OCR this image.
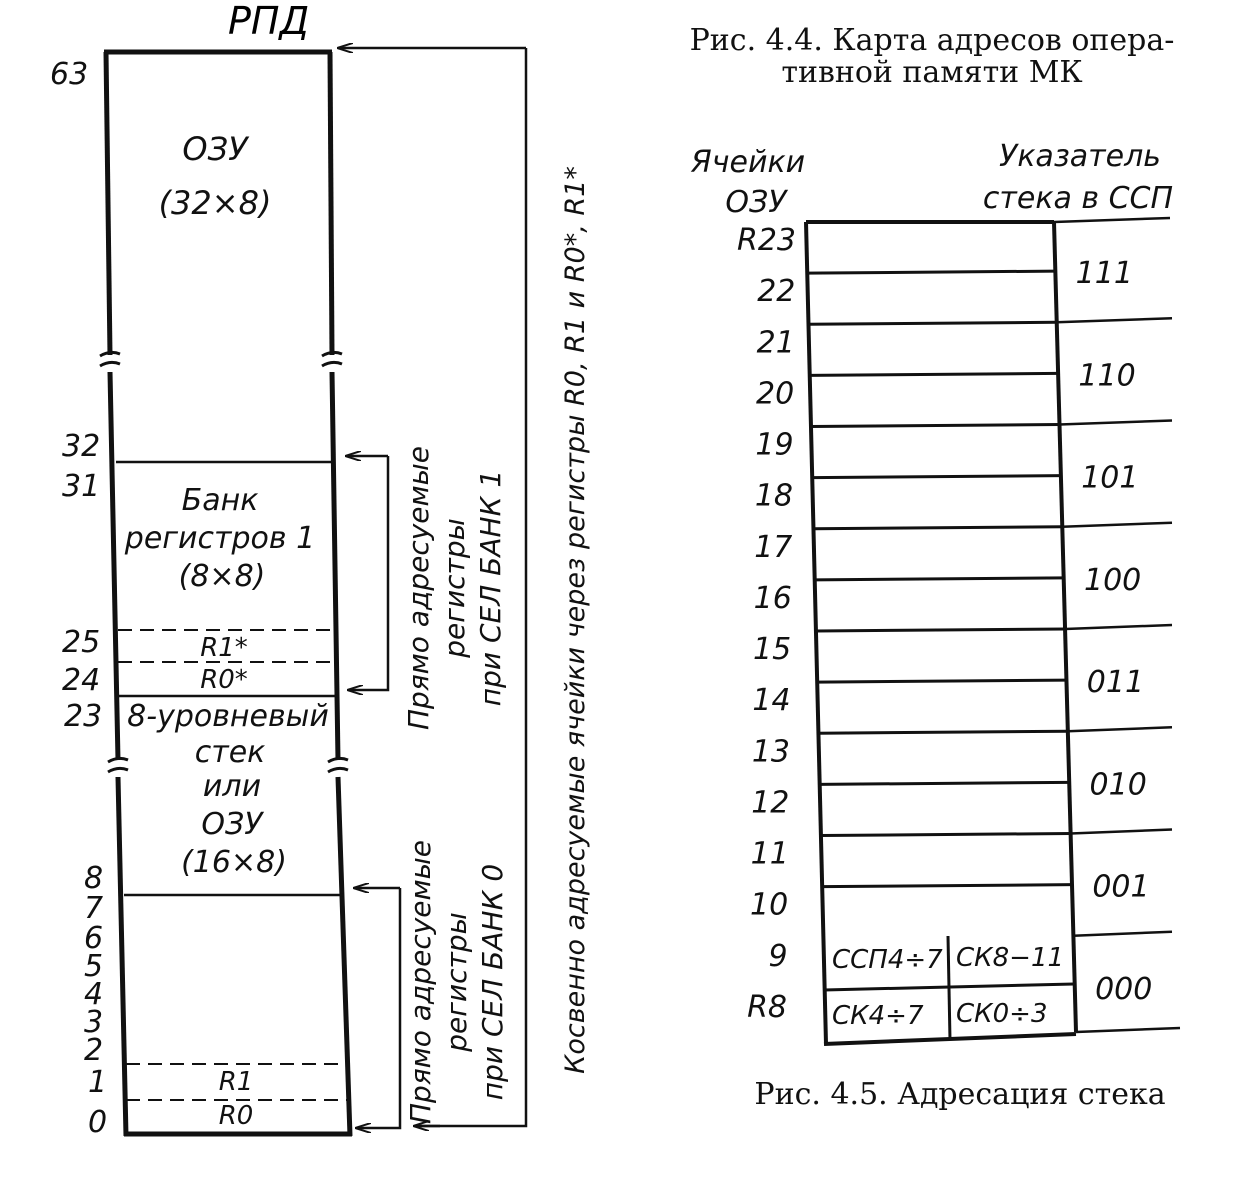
РПД
63
32
31
25
24
23
8
7
6
5
4
3
2
1
0
ОЗУ
(32×8)
Банк
регистров 1
(8×8)
R1*
R0*
8-уровневый
стек
или
ОЗУ
(16×8)
R1
R0
Прямо адресуемые регистры при СЕЛ БАНК 1
Прямо адресуемые регистры при СЕЛ БАНК 0 Косвенно адресуемые ячейки через регистры R0, R1 и R0*, R1*
Рис. 4.4. Карта адресов опера-
тивной памяти МК
Ячейки
ОЗУ
Указатель
стека в ССП
R23
22
21
20
19
18
17
16
15
14
13
12
11
10
9
R8
111
110
101
100
011
010
001
000
ССП4÷7 СК8−11
СК4÷7 СК0÷3
Рис. 4.5. Адресация стека
